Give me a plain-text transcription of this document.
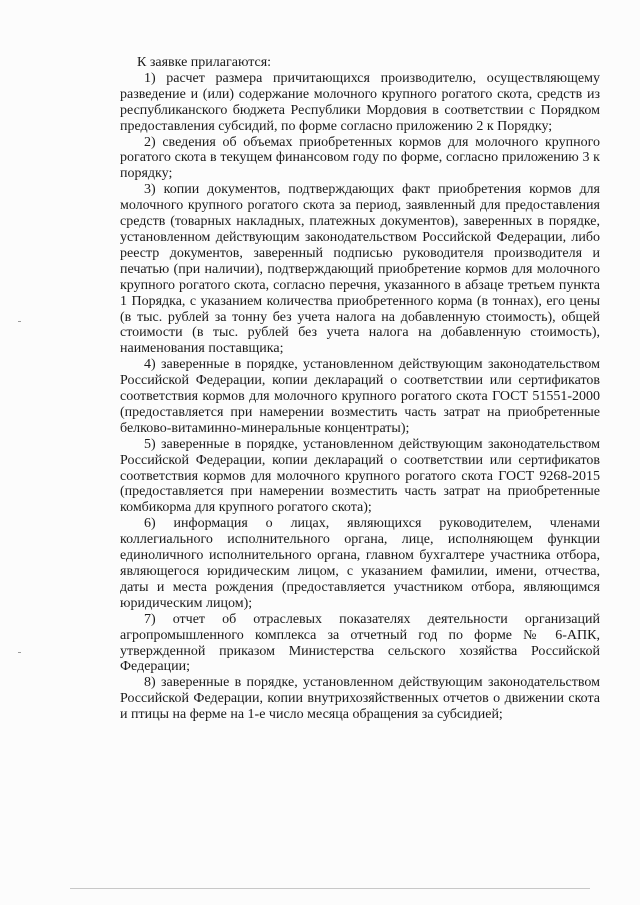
К заявке прилагаются:

1) расчет размера причитающихся производителю, осуществляющему разведение и (или) содержание молочного крупного рогатого скота, средств из республиканского бюджета Республики Мордовия в соответствии с Порядком предоставления субсидий, по форме согласно приложению 2 к Порядку;

2) сведения об объемах приобретенных кормов для молочного крупного рогатого скота в текущем финансовом году по форме, согласно приложению 3 к порядку;

3) копии документов, подтверждающих факт приобретения кормов для молочного крупного рогатого скота за период, заявленный для предоставления средств (товарных накладных, платежных документов), заверенных в порядке, установленном действующим законодательством Российской Федерации, либо реестр документов, заверенный подписью руководителя производителя и печатью (при наличии), подтверждающий приобретение кормов для молочного крупного рогатого скота, согласно перечня, указанного в абзаце третьем пункта 1 Порядка, с указанием количества приобретенного корма (в тоннах), его цены (в тыс. рублей за тонну без учета налога на добавленную стоимость), общей стоимости (в тыс. рублей без учета налога на добавленную стоимость), наименования поставщика;

4) заверенные в порядке, установленном действующим законодательством Российской Федерации, копии деклараций о соответствии или сертификатов соответствия кормов для молочного крупного рогатого скота ГОСТ 51551-2000 (предоставляется при намерении возместить часть затрат на приобретенные белково-витаминно-минеральные концентраты);

5) заверенные в порядке, установленном действующим законодательством Российской Федерации, копии деклараций о соответствии или сертификатов соответствия кормов для молочного крупного рогатого скота ГОСТ 9268-2015 (предоставляется при намерении возместить часть затрат на приобретенные комбикорма для крупного рогатого скота);

6) информация о лицах, являющихся руководителем, членами коллегиального исполнительного органа, лице, исполняющем функции единоличного исполнительного органа, главном бухгалтере участника отбора, являющегося юридическим лицом, с указанием фамилии, имени, отчества, даты и места рождения (предоставляется участником отбора, являющимся юридическим лицом);

7) отчет об отраслевых показателях деятельности организаций агропромышленного комплекса за отчетный год по форме № 6-АПК, утвержденной приказом Министерства сельского хозяйства Российской Федерации;

8) заверенные в порядке, установленном действующим законодательством Российской Федерации, копии внутрихозяйственных отчетов о движении скота и птицы на ферме на 1-е число месяца обращения за субсидией;
